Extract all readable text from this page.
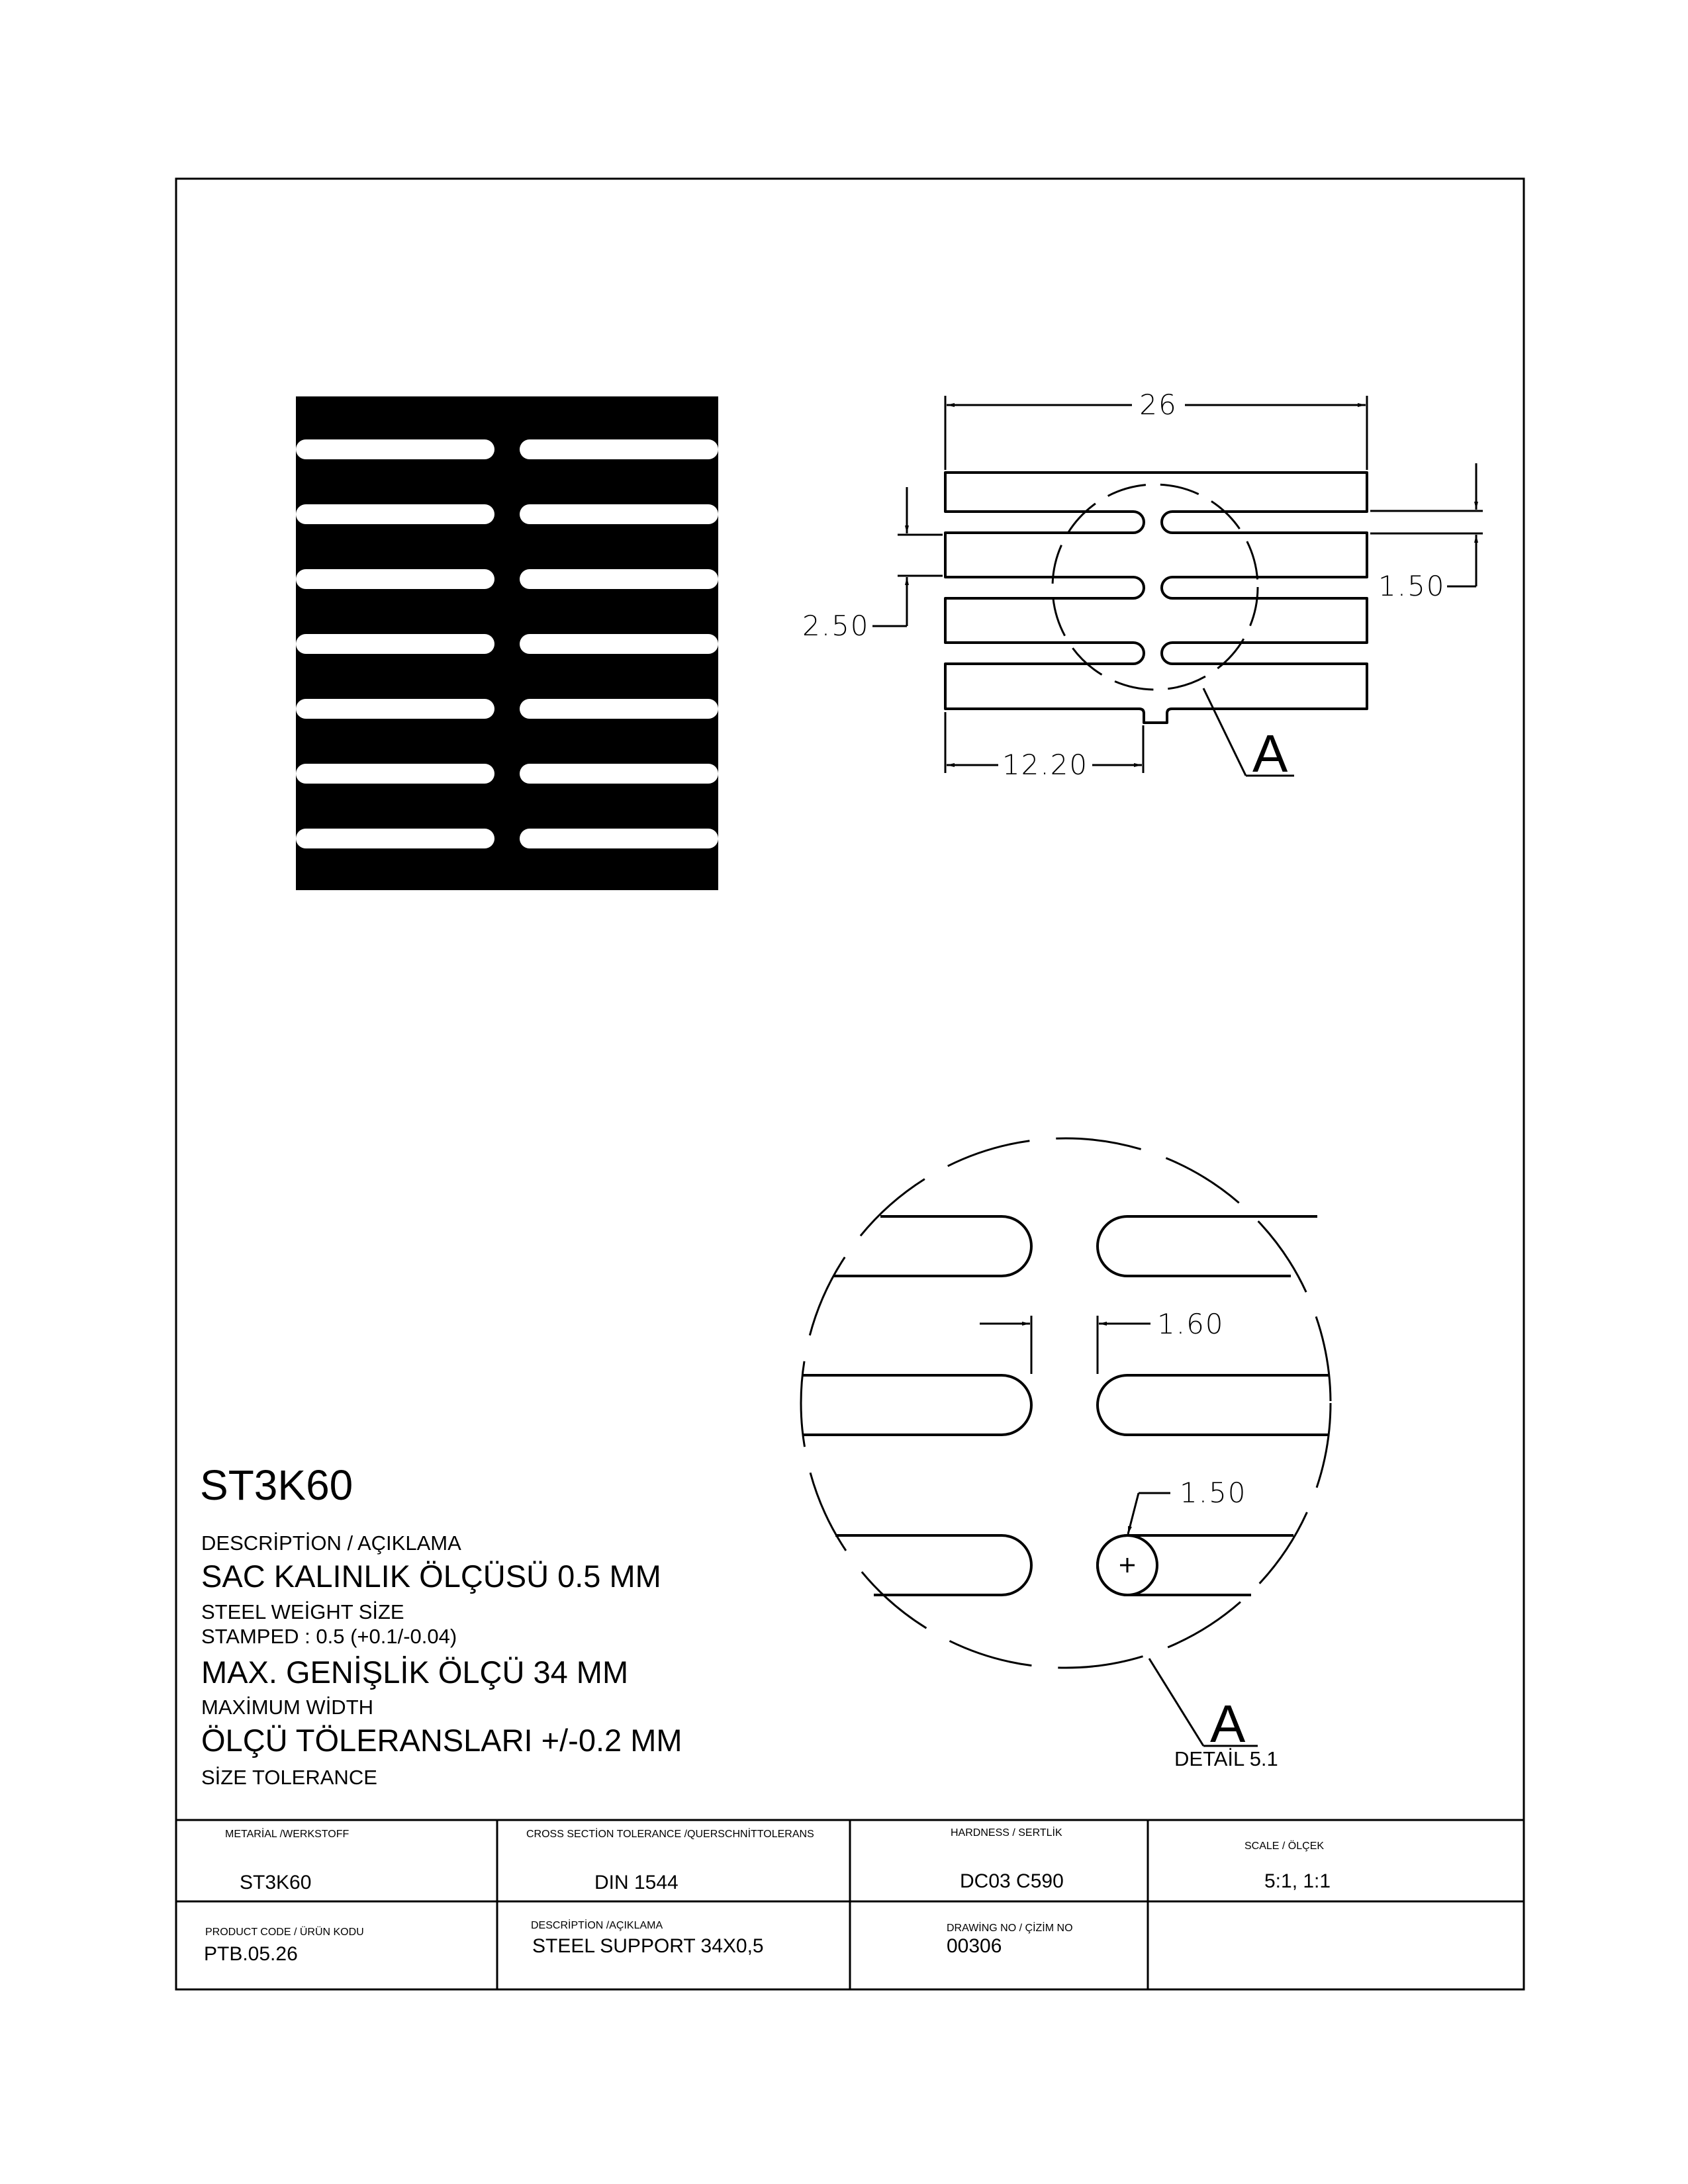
A
26
2.50
1.50
12.20
1.60
1.50
A
DETAİL 5.1
METARİAL /WERKSTOFF
ST3K60
CROSS SECTİON TOLERANCE /QUERSCHNİTTOLERANS
DIN 1544
HARDNESS / SERTLİK
DC03 C590
SCALE / ÖLÇEK
5:1, 1:1
PRODUCT CODE / ÜRÜN KODU
PTB.05.26
DESCRİPTİON /AÇIKLAMA
STEEL SUPPORT 34X0,5
DRAWİNG NO / ÇİZİM NO
00306
ST3K60
DESCRİPTİON / AÇIKLAMA
SAC KALINLIK ÖLÇÜSÜ 0.5 MM
STEEL WEİGHT SİZE
STAMPED : 0.5 (+0.1/-0.04)
MAX. GENİŞLİK ÖLÇÜ 34 MM
MAXİMUM WİDTH
ÖLÇÜ TÖLERANSLARI +/-0.2 MM
SİZE TOLERANCE
